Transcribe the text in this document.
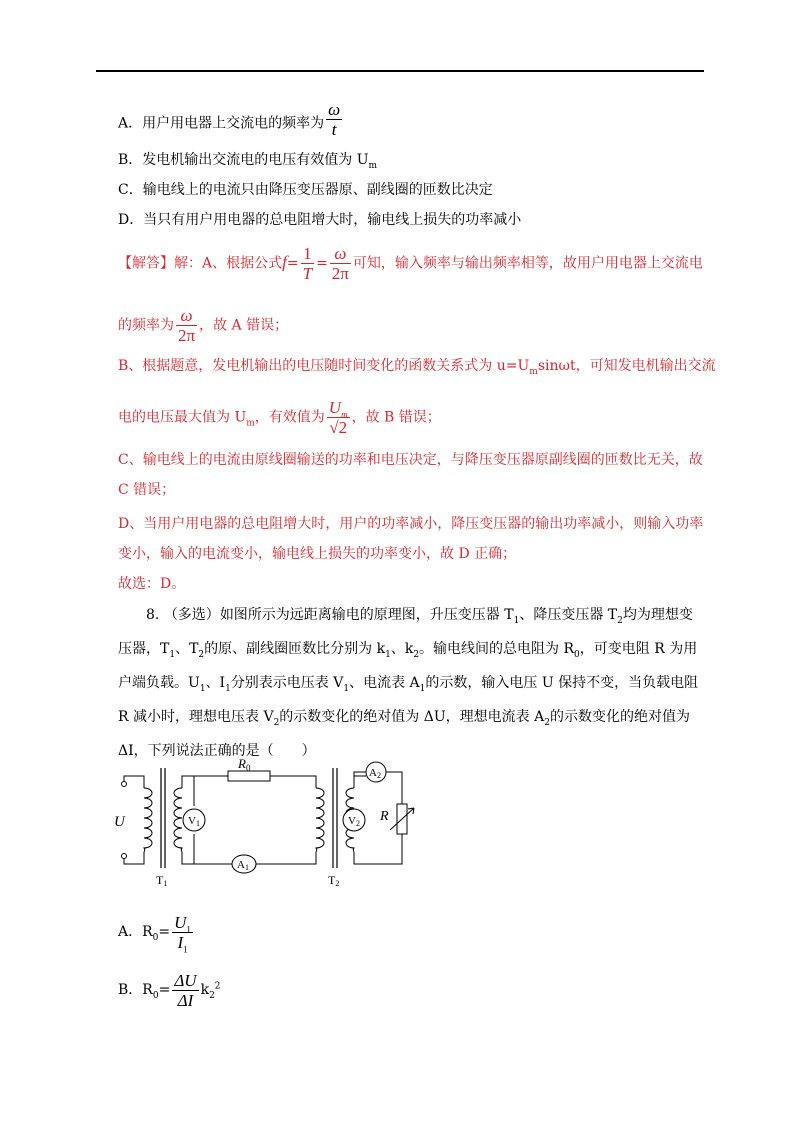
A．用户用电器上交流电的频率为 $\frac{\omega}{t}$
B．发电机输出交流电的电压有效值为 $U_m$
C．输电线上的电流只由降压变压器原、副线圈的匝数比决定
D．当只有用户用电器的总电阻增大时，输电线上损失的功率减小
【解答】解：A、根据公式$f= \frac{1}{T} = \frac{\omega}{2\pi}$ 可知，输入频率与输出频率相等，故用户用电器上交流电
的频率为 $\frac{\omega}{2\pi}$ ，故 A 错误；
B、根据题意，发电机输出的电压随时间变化的函数关系式为 $u=U_m\sin\omega t$，可知发电机输出交流
电的电压最大值为 $U_m$，有效值为 $\frac{U_m}{√2}$ ，故 B 错误；
C、输电线上的电流由原线圈输送的功率和电压决定，与降压变压器原副线圈的匝数比无关，故
C 错误；
D、当用户用电器的总电阻增大时，用户的功率减小，降压变压器的输出功率减小，则输入功率
变小，输入的电流变小，输电线上损失的功率变小，故 D 正确；
故选：D。
8. （多选）如图所示为远距离输电的原理图，升压变压器 $T_1$、降压变压器 $T_2$均为理想变压器，$T_1$、$T_2$的原、副线圈匝数比分别为 $k_1$、$k_2$。输电线间的总电阻为 $R_0$，可变电阻 R 为用户端负载。$U_1$、$I_1$分别表示电压表 $V_1$、电流表 $A_1$的示数，输入电压 U 保持不变，当负载电阻 R 减小时，理想电压表 $V_2$的示数变化的绝对值为 ΔU，理想电流表 $A_2$的示数变化的绝对值为 ΔI，下列说法正确的是（　　）
U
$R_0$
V1
A1
V2
A2
R
T1	T2
A．$R_0= \frac{U_1}{I_1}$
B．$R_0= \frac{\Delta U}{\Delta I} k_2^2$
